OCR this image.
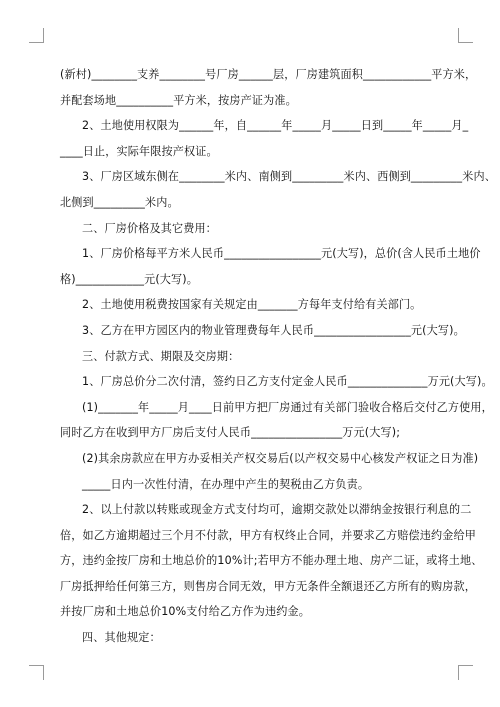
(新村)________支养________号厂房______层，厂房建筑面积____________平方米，
并配套场地__________平方米，按房产证为准。
2、土地使用权限为______年，自______年_____月_____日到_____年_____月_
____日止，实际年限按产权证。
3、厂房区域东侧在________米内、南侧到_________米内、西侧到_________米内、
北侧到_________米内。
二、厂房价格及其它费用：
1、厂房价格每平方米人民币_________________元(大写)，总价(含人民币土地价
格)____________元(大写)。
2、土地使用税费按国家有关规定由_______方每年支付给有关部门。
3、乙方在甲方园区内的物业管理费每年人民币_________________元(大写)。
三、付款方式、期限及交房期：
1、厂房总价分二次付清，签约日乙方支付定金人民币______________万元(大写)。
(1)_______年_____月____日前甲方把厂房通过有关部门验收合格后交付乙方使用，
同时乙方在收到甲方厂房后支付人民币________________万元(大写);
(2)其余房款应在甲方办妥相关产权交易后(以产权交易中心核发产权证之日为准)
_____日内一次性付清，在办理中产生的契税由乙方负责。
2、以上付款以转账或现金方式支付均可，逾期交款处以滞纳金按银行利息的二
倍，如乙方逾期超过三个月不付款，甲方有权终止合同，并要求乙方赔偿违约金给甲
方，违约金按厂房和土地总价的10%计;若甲方不能办理土地、房产二证，或将土地、
厂房抵押给任何第三方，则售房合同无效，甲方无条件全额退还乙方所有的购房款，
并按厂房和土地总价10%支付给乙方作为违约金。
四、其他规定：
